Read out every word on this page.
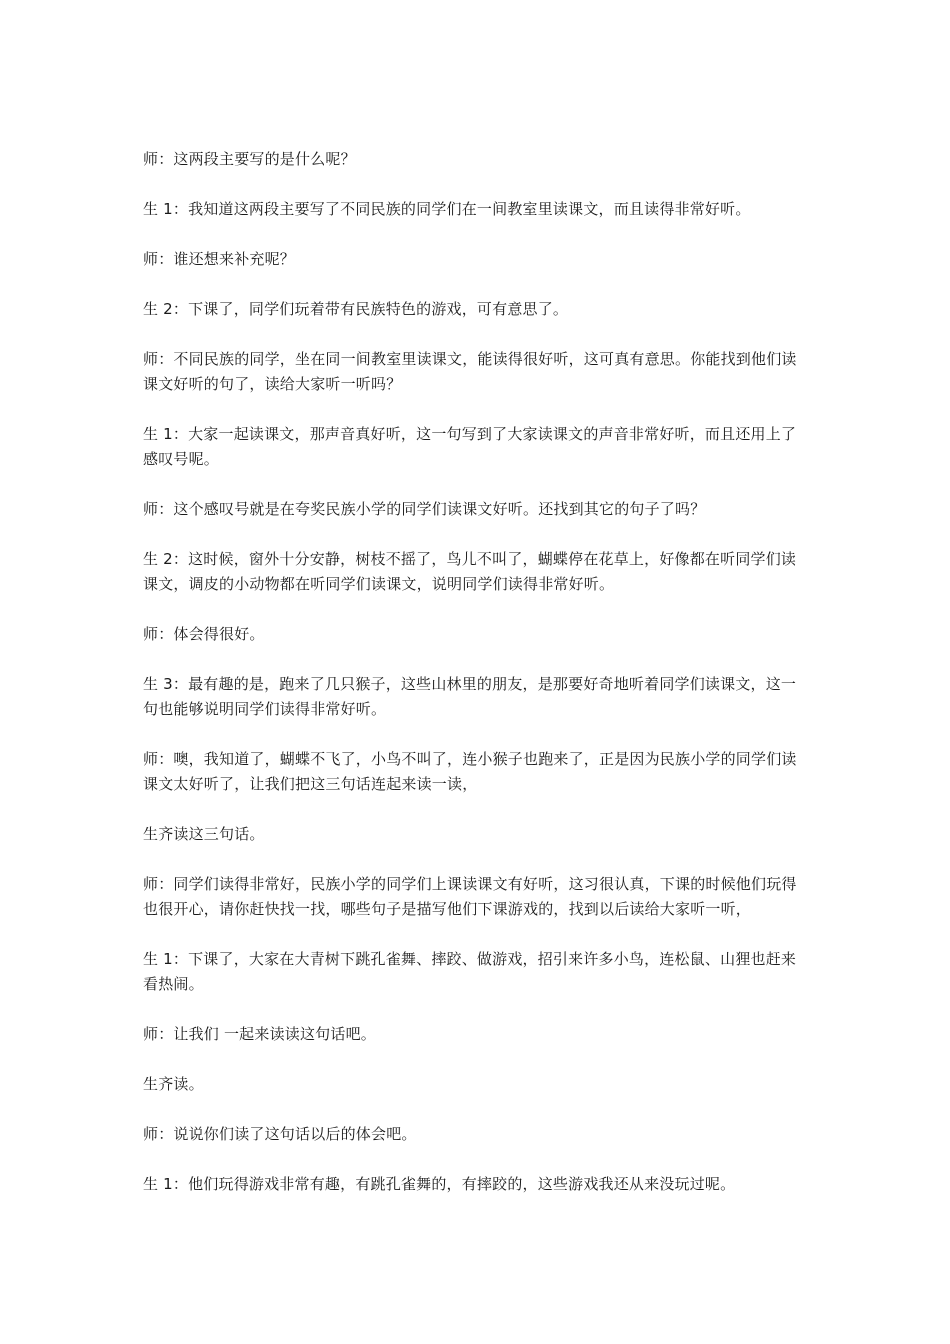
师：这两段主要写的是什么呢？

生 1：我知道这两段主要写了不同民族的同学们在一间教室里读课文，而且读得非常好听。

师：谁还想来补充呢？

生 2：下课了，同学们玩着带有民族特色的游戏，可有意思了。

师：不同民族的同学，坐在同一间教室里读课文，能读得很好听，这可真有意思。你能找到他们读课文好听的句了，读给大家听一听吗？

生 1：大家一起读课文，那声音真好听，这一句写到了大家读课文的声音非常好听，而且还用上了感叹号呢。

师：这个感叹号就是在夸奖民族小学的同学们读课文好听。还找到其它的句子了吗？

生 2：这时候，窗外十分安静，树枝不摇了，鸟儿不叫了，蝴蝶停在花草上，好像都在听同学们读课文，调皮的小动物都在听同学们读课文，说明同学们读得非常好听。

师：体会得很好。

生 3：最有趣的是，跑来了几只猴子，这些山林里的朋友，是那要好奇地听着同学们读课文，这一句也能够说明同学们读得非常好听。

师：噢，我知道了，蝴蝶不飞了，小鸟不叫了，连小猴子也跑来了，正是因为民族小学的同学们读课文太好听了，让我们把这三句话连起来读一读，

生齐读这三句话。

师：同学们读得非常好，民族小学的同学们上课读课文有好听，这习很认真，下课的时候他们玩得也很开心，请你赶快找一找，哪些句子是描写他们下课游戏的，找到以后读给大家听一听，

生 1：下课了，大家在大青树下跳孔雀舞、摔跤、做游戏，招引来许多小鸟，连松鼠、山狸也赶来看热闹。

师：让我们 一起来读读这句话吧。

生齐读。

师：说说你们读了这句话以后的体会吧。

生 1：他们玩得游戏非常有趣，有跳孔雀舞的，有摔跤的，这些游戏我还从来没玩过呢。
